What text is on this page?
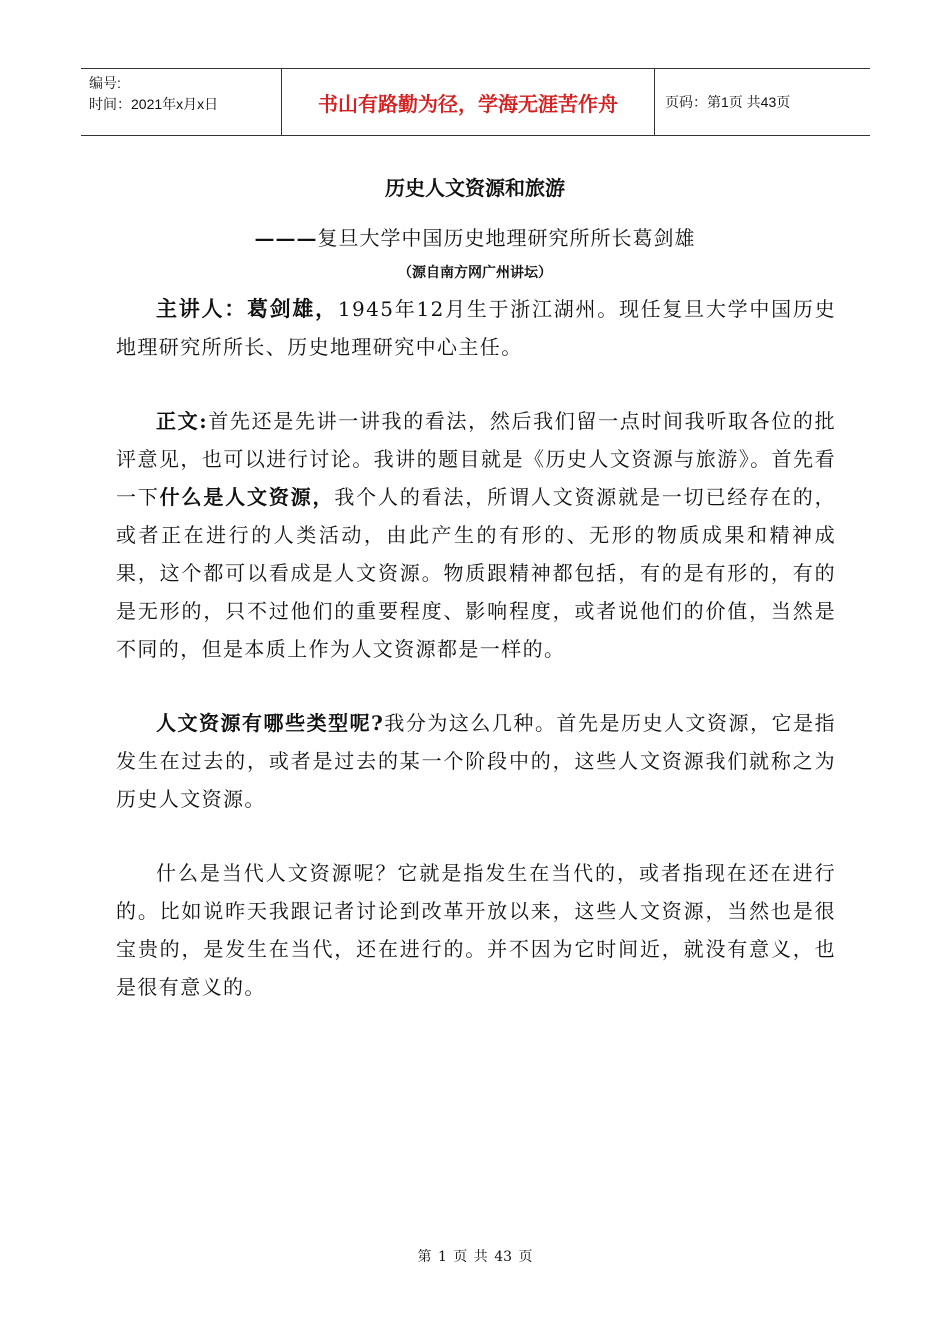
编号:
时间：2021年x月x日	书山有路勤为径，学海无涯苦作舟	页码：第1页 共43页
历史人文资源和旅游
———复旦大学中国历史地理研究所所长葛剑雄
（源自南方网广州讲坛）

主讲人：葛剑雄，1945年12月生于浙江湖州。现任复旦大学中国历史地理研究所所长、历史地理研究中心主任。

正文:首先还是先讲一讲我的看法，然后我们留一点时间我听取各位的批评意见，也可以进行讨论。我讲的题目就是《历史人文资源与旅游》。首先看一下什么是人文资源，我个人的看法，所谓人文资源就是一切已经存在的，或者正在进行的人类活动，由此产生的有形的、无形的物质成果和精神成果，这个都可以看成是人文资源。物质跟精神都包括，有的是有形的，有的是无形的，只不过他们的重要程度、影响程度，或者说他们的价值，当然是不同的，但是本质上作为人文资源都是一样的。

人文资源有哪些类型呢?我分为这么几种。首先是历史人文资源，它是指发生在过去的，或者是过去的某一个阶段中的，这些人文资源我们就称之为历史人文资源。

什么是当代人文资源呢？它就是指发生在当代的，或者指现在还在进行的。比如说昨天我跟记者讨论到改革开放以来，这些人文资源，当然也是很宝贵的，是发生在当代，还在进行的。并不因为它时间近，就没有意义，也是很有意义的。

第 1 页 共 43 页
